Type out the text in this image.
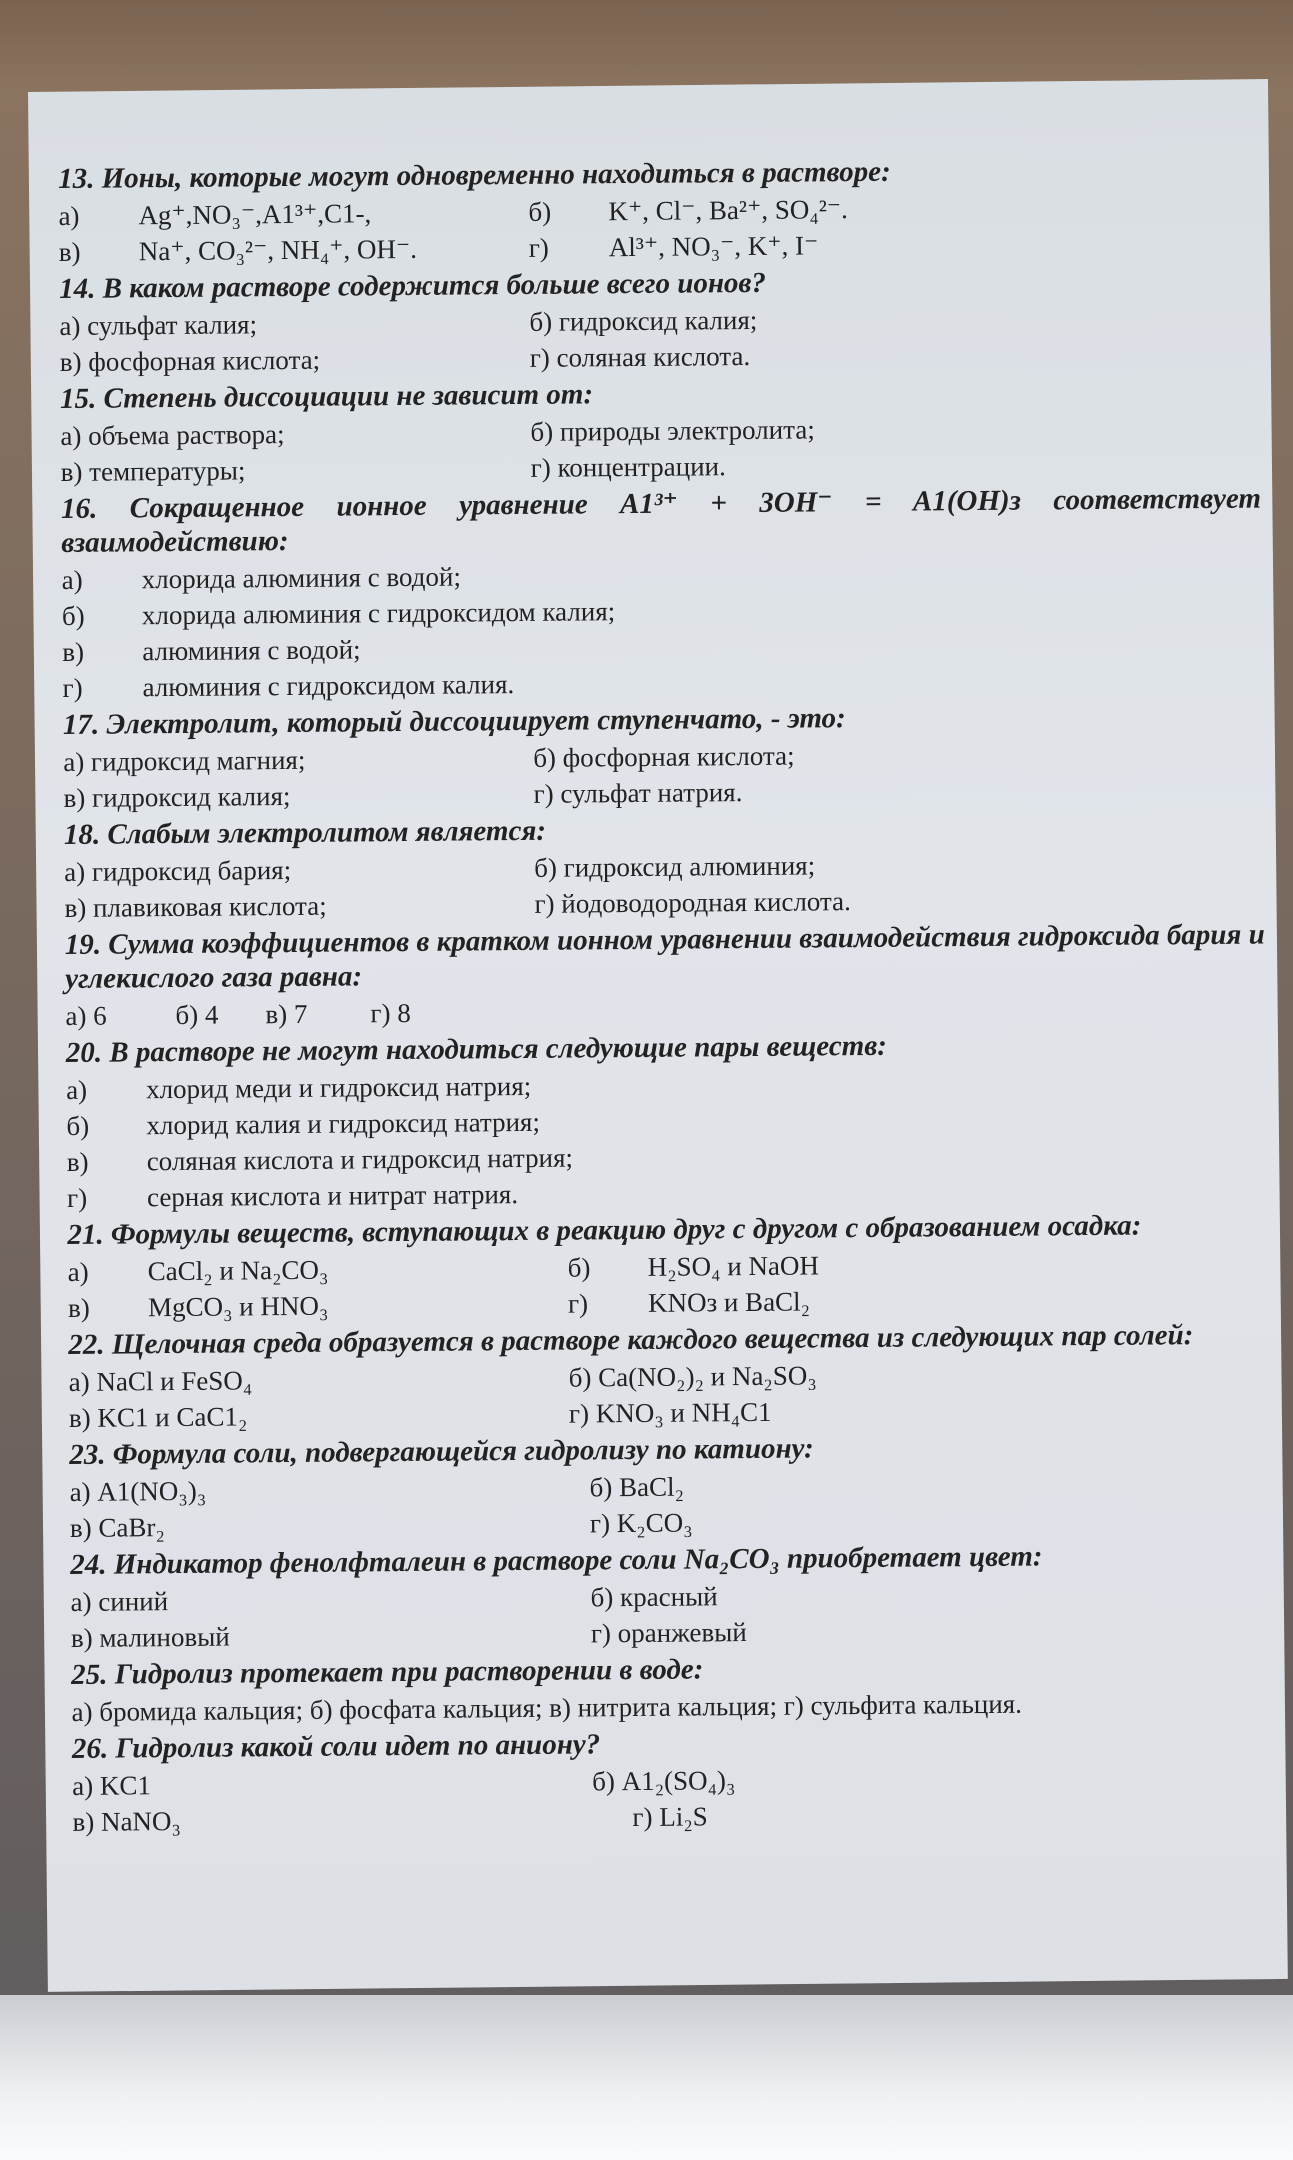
13. Ионы, которые могут одновременно находиться в растворе:
а) Ag⁺,NO₃⁻,A1³⁺,C1-,	б) K⁺, Cl⁻, Ba²⁺, SO₄²⁻.
в) Na⁺, CO₃²⁻, NH₄⁺, OH⁻.	г) Al³⁺, NO₃⁻, K⁺, I⁻
14. В каком растворе содержится больше всего ионов?
а) сульфат калия;	б) гидроксид калия;
в) фосфорная кислота;	г) соляная кислота.
15. Степень диссоциации не зависит от:
а) объема раствора;	б) природы электролита;
в) температуры;	г) концентрации.
16. Сокращенное ионное уравнение A1³⁺ + 3OH⁻ = A1(OH)з соответствует взаимодействию:
а)	хлорида алюминия с водой;
б)	хлорида алюминия с гидроксидом калия;
в)	алюминия с водой;
г)	алюминия с гидроксидом калия.
17. Электролит, который диссоциирует ступенчато, - это:
а) гидроксид магния;	б) фосфорная кислота;
в) гидроксид калия;	г) сульфат натрия.
18. Слабым электролитом является:
а) гидроксид бария;	б) гидроксид алюминия;
в) плавиковая кислота;	г) йодоводородная кислота.
19. Сумма коэффициентов в кратком ионном уравнении взаимодействия гидроксида бария и углекислого газа равна:
а) 6	б) 4	в) 7	г) 8
20. В растворе не могут находиться следующие пары веществ:
а)	хлорид меди и гидроксид натрия;
б)	хлорид калия и гидроксид натрия;
в)	соляная кислота и гидроксид натрия;
г)	серная кислота и нитрат натрия.
21. Формулы веществ, вступающих в реакцию друг с другом с образованием осадка:
а) CaCl₂ и Na₂CO₃	б) H₂SO₄ и NaOH
в) MgCO₃ и HNO₃	г) KNOз и BaCl₂
22. Щелочная среда образуется в растворе каждого вещества из следующих пар солей:
а) NaCl и FeSO₄	б) Ca(NO₂)₂ и Na₂SO₃
в) KC1 и CaC1₂	г) KNO₃ и NH₄C1
23. Формула соли, подвергающейся гидролизу по катиону:
а) A1(NO₃)₃	б) BaCl₂
в) CaBr₂	г) K₂CO₃
24. Индикатор фенолфталеин в растворе соли Na₂CO₃ приобретает цвет:
а) синий	б) красный
в) малиновый	г) оранжевый
25. Гидролиз протекает при растворении в воде:
а) бромида кальция; б) фосфата кальция; в) нитрита кальция; г) сульфита кальция.
26. Гидролиз какой соли идет по аниону?
а) KC1	б) A1₂(SO₄)₃
в) NaNO₃	г) Li₂S
